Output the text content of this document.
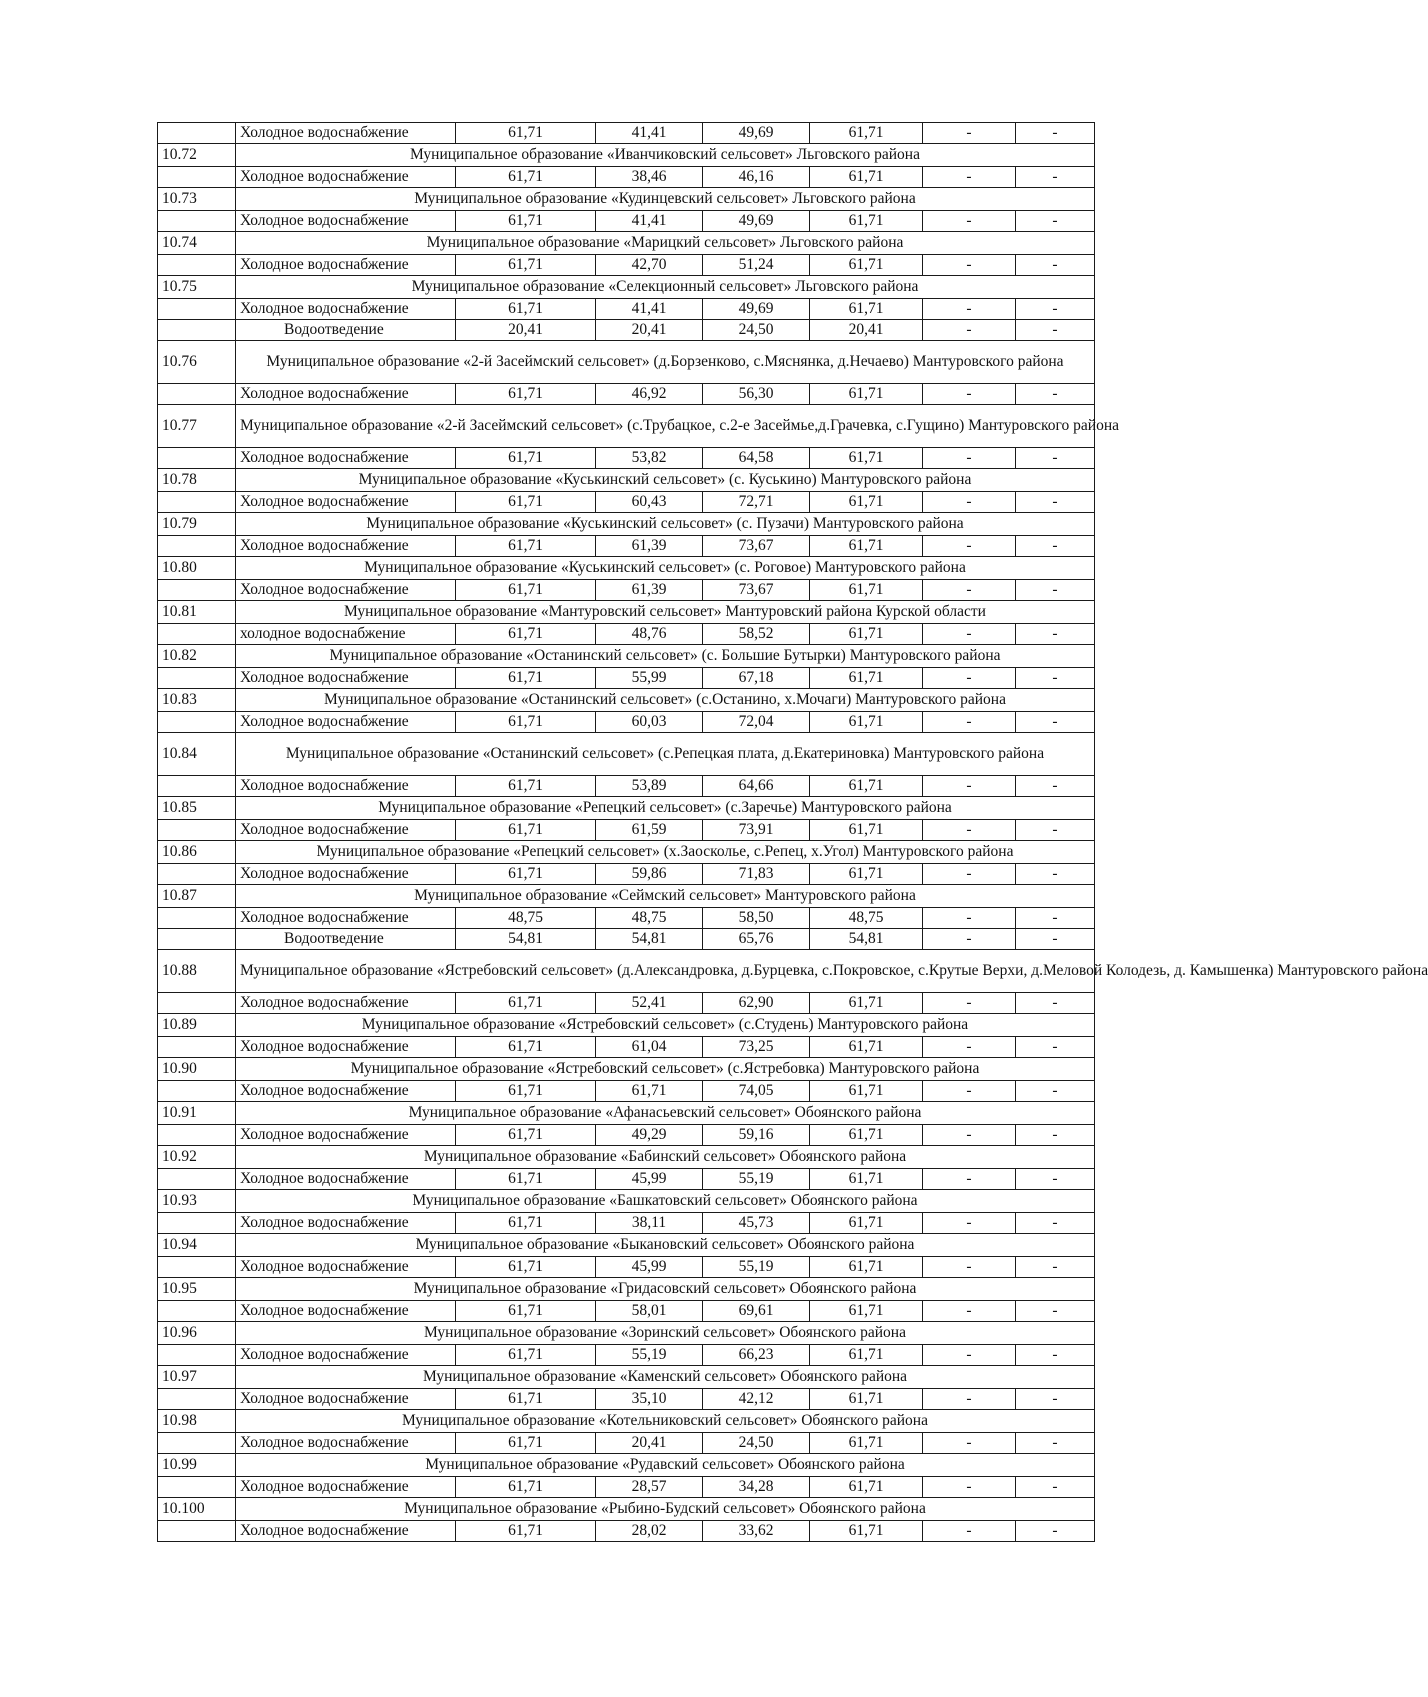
	Холодное водоснабжение	61,71	41,41	49,69	61,71	-	-
10.72	Муниципальное образование «Иванчиковский сельсовет» Льговского района						
	Холодное водоснабжение	61,71	38,46	46,16	61,71	-	-
10.73	Муниципальное образование «Кудинцевский сельсовет» Льговского района						
	Холодное водоснабжение	61,71	41,41	49,69	61,71	-	-
10.74	Муниципальное образование «Марицкий сельсовет» Льговского района						
	Холодное водоснабжение	61,71	42,70	51,24	61,71	-	-
10.75	Муниципальное образование «Селекционный сельсовет» Льговского района						
	Холодное водоснабжение	61,71	41,41	49,69	61,71	-	-
	Водоотведение	20,41	20,41	24,50	20,41	-	-
10.76	Муниципальное образование «2-й Засеймский сельсовет» (д.Борзенково, с.Мяснянка, д.Нечаево) Мантуровского района						
	Холодное водоснабжение	61,71	46,92	56,30	61,71	-	-
10.77	Муниципальное образование «2-й Засеймский сельсовет» (с.Трубацкое, с.2-е Засеймье,д.Грачевка, с.Гущино) Мантуровского района						
	Холодное водоснабжение	61,71	53,82	64,58	61,71	-	-
10.78	Муниципальное образование «Куськинский сельсовет» (с. Куськино) Мантуровского района						
	Холодное водоснабжение	61,71	60,43	72,71	61,71	-	-
10.79	Муниципальное образование «Куськинский сельсовет» (с. Пузачи) Мантуровского района						
	Холодное водоснабжение	61,71	61,39	73,67	61,71	-	-
10.80	Муниципальное образование «Куськинский сельсовет» (с. Роговое) Мантуровского района						
	Холодное водоснабжение	61,71	61,39	73,67	61,71	-	-
10.81	Муниципальное образование «Мантуровский сельсовет» Мантуровский района Курской области						
	холодное водоснабжение	61,71	48,76	58,52	61,71	-	-
10.82	Муниципальное образование «Останинский сельсовет» (с. Большие Бутырки) Мантуровского района						
	Холодное водоснабжение	61,71	55,99	67,18	61,71	-	-
10.83	Муниципальное образование «Останинский сельсовет» (с.Останино, х.Мочаги) Мантуровского района						
	Холодное водоснабжение	61,71	60,03	72,04	61,71	-	-
10.84	Муниципальное образование «Останинский сельсовет» (с.Репецкая плата, д.Екатериновка) Мантуровского района						
	Холодное водоснабжение	61,71	53,89	64,66	61,71	-	-
10.85	Муниципальное образование «Репецкий сельсовет» (с.Заречье) Мантуровского района						
	Холодное водоснабжение	61,71	61,59	73,91	61,71	-	-
10.86	Муниципальное образование «Репецкий сельсовет» (х.Заосколье, с.Репец, х.Угол) Мантуровского района						
	Холодное водоснабжение	61,71	59,86	71,83	61,71	-	-
10.87	Муниципальное образование «Сеймский сельсовет» Мантуровского района						
	Холодное водоснабжение	48,75	48,75	58,50	48,75	-	-
	Водоотведение	54,81	54,81	65,76	54,81	-	-
10.88	Муниципальное образование «Ястребовский сельсовет» (д.Александровка, д.Бурцевка, с.Покровское, с.Крутые Верхи, д.Меловой Колодезь, д. Камышенка) Мантуровского района						
	Холодное водоснабжение	61,71	52,41	62,90	61,71	-	-
10.89	Муниципальное образование «Ястребовский сельсовет» (с.Студень) Мантуровского района						
	Холодное водоснабжение	61,71	61,04	73,25	61,71	-	-
10.90	Муниципальное образование «Ястребовский сельсовет» (с.Ястребовка) Мантуровского района						
	Холодное водоснабжение	61,71	61,71	74,05	61,71	-	-
10.91	Муниципальное образование «Афанасьевский сельсовет» Обоянского района						
	Холодное водоснабжение	61,71	49,29	59,16	61,71	-	-
10.92	Муниципальное образование «Бабинский сельсовет» Обоянского района						
	Холодное водоснабжение	61,71	45,99	55,19	61,71	-	-
10.93	Муниципальное образование «Башкатовский сельсовет» Обоянского района						
	Холодное водоснабжение	61,71	38,11	45,73	61,71	-	-
10.94	Муниципальное образование «Быкановский сельсовет» Обоянского района						
	Холодное водоснабжение	61,71	45,99	55,19	61,71	-	-
10.95	Муниципальное образование «Гридасовский сельсовет» Обоянского района						
	Холодное водоснабжение	61,71	58,01	69,61	61,71	-	-
10.96	Муниципальное образование «Зоринский сельсовет» Обоянского района						
	Холодное водоснабжение	61,71	55,19	66,23	61,71	-	-
10.97	Муниципальное образование «Каменский сельсовет» Обоянского района						
	Холодное водоснабжение	61,71	35,10	42,12	61,71	-	-
10.98	Муниципальное образование «Котельниковский сельсовет» Обоянского района						
	Холодное водоснабжение	61,71	20,41	24,50	61,71	-	-
10.99	Муниципальное образование «Рудавский сельсовет» Обоянского района						
	Холодное водоснабжение	61,71	28,57	34,28	61,71	-	-
10.100	Муниципальное образование «Рыбино-Будский сельсовет» Обоянского района						
	Холодное водоснабжение	61,71	28,02	33,62	61,71	-	-
